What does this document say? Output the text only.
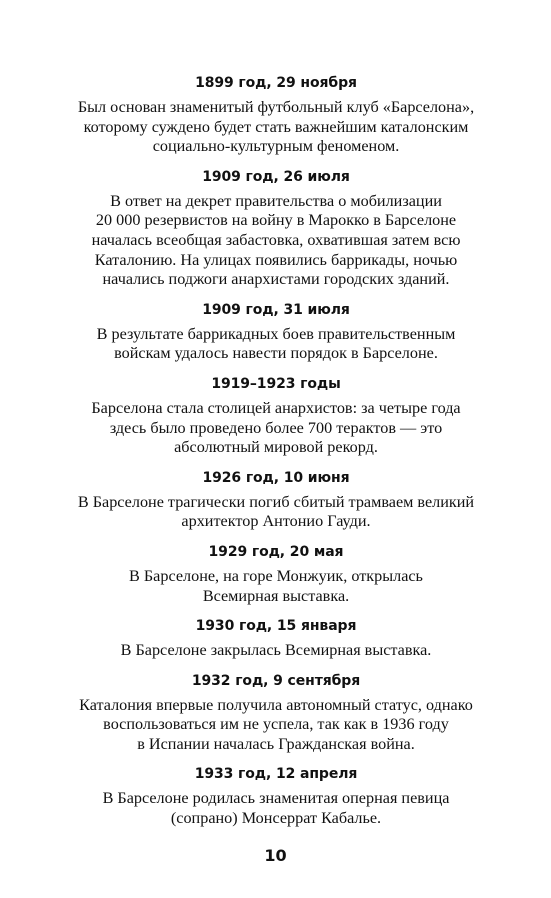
1899 год, 29 ноября
Был основан знаменитый футбольный клуб «Барселона»,
которому суждено будет стать важнейшим каталонским
социально-культурным феноменом.
1909 год, 26 июля
В ответ на декрет правительства о мобилизации
20 000 резервистов на войну в Марокко в Барселоне
началась всеобщая забастовка, охватившая затем всю
Каталонию. На улицах появились баррикады, ночью
начались поджоги анархистами городских зданий.
1909 год, 31 июля
В результате баррикадных боев правительственным
войскам удалось навести порядок в Барселоне.
1919–1923 годы
Барселона стала столицей анархистов: за четыре года
здесь было проведено более 700 терактов — это
абсолютный мировой рекорд.
1926 год, 10 июня
В Барселоне трагически погиб сбитый трамваем великий
архитектор Антонио Гауди.
1929 год, 20 мая
В Барселоне, на горе Монжуик, открылась
Всемирная выставка.
1930 год, 15 января
В Барселоне закрылась Всемирная выставка.
1932 год, 9 сентября
Каталония впервые получила автономный статус, однако
воспользоваться им не успела, так как в 1936 году
в Испании началась Гражданская война.
1933 год, 12 апреля
В Барселоне родилась знаменитая оперная певица
(сопрано) Монсеррат Кабалье.
10
